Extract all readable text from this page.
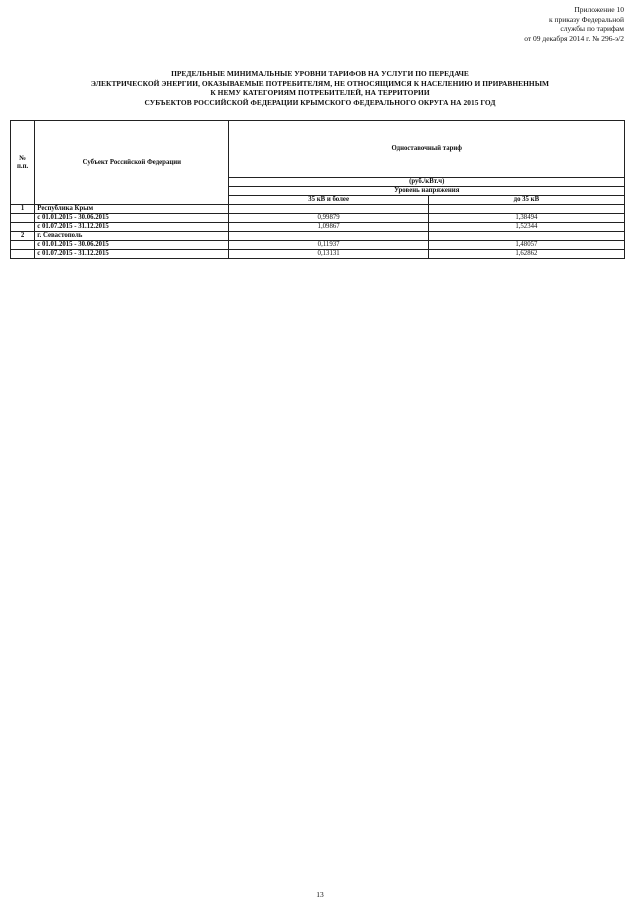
Приложение 10
к приказу Федеральной
службы по тарифам
от 09 декабря 2014 г. № 296-э/2
ПРЕДЕЛЬНЫЕ МИНИМАЛЬНЫЕ УРОВНИ ТАРИФОВ НА УСЛУГИ ПО ПЕРЕДАЧЕ
ЭЛЕКТРИЧЕСКОЙ ЭНЕРГИИ, ОКАЗЫВАЕМЫЕ ПОТРЕБИТЕЛЯМ, НЕ ОТНОСЯЩИМСЯ К НАСЕЛЕНИЮ И ПРИРАВНЕННЫМ
К НЕМУ КАТЕГОРИЯМ ПОТРЕБИТЕЛЕЙ, НА ТЕРРИТОРИИ
СУБЪЕКТОВ РОССИЙСКОЙ ФЕДЕРАЦИИ КРЫМСКОГО ФЕДЕРАЛЬНОГО ОКРУГА НА 2015 ГОД
№ п.п.	Субъект Российской Федерации	Одноставочный тариф	
		(руб./кВт.ч)	
		Уровень напряжения	
		35 кВ и более	до 35 кВ
1	Республика Крым		
	с 01.01.2015 - 30.06.2015	0,99879	1,38494
	с 01.07.2015 - 31.12.2015	1,09867	1,52344
2	г. Севастополь		
	с 01.01.2015 - 30.06.2015	0,11937	1,48057
	с 01.07.2015 - 31.12.2015	0,13131	1,62862
13
